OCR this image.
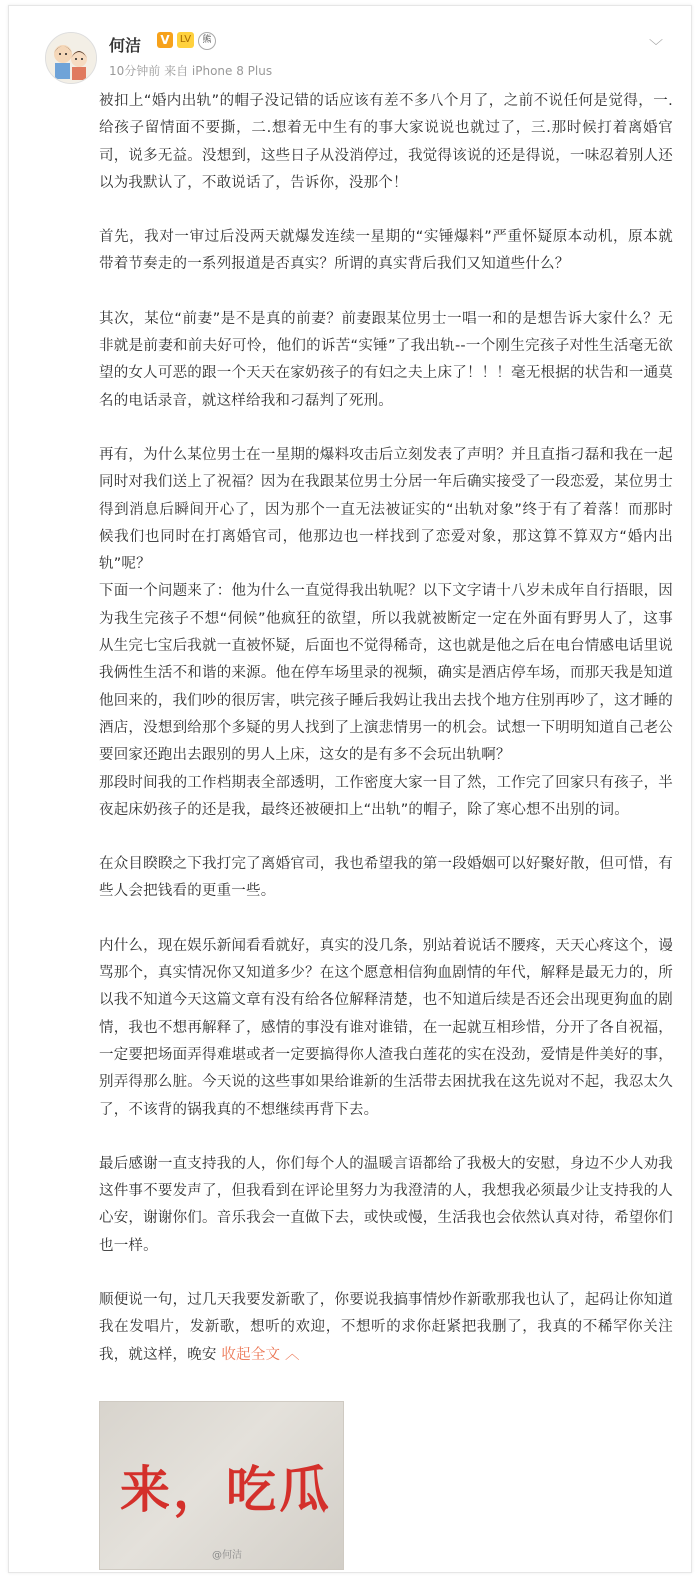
何洁 V	LV	熊
10分钟前 来自 iPhone 8 Plus
﹀

被扣上“婚内出轨”的帽子没记错的话应该有差不多八个月了，之前不说任何是觉得，一.给孩子留情面不要撕，二.想着无中生有的事大家说说也就过了，三.那时候打着离婚官司，说多无益。没想到，这些日子从没消停过，我觉得该说的还是得说，一味忍着别人还以为我默认了，不敢说话了，告诉你，没那个！

首先，我对一审过后没两天就爆发连续一星期的“实锤爆料”严重怀疑原本动机，原本就带着节奏走的一系列报道是否真实？所谓的真实背后我们又知道些什么？

其次，某位“前妻”是不是真的前妻？前妻跟某位男士一唱一和的是想告诉大家什么？无非就是前妻和前夫好可怜，他们的诉苦“实锤”了我出轨--一个刚生完孩子对性生活毫无欲望的女人可恶的跟一个天天在家奶孩子的有妇之夫上床了！！！毫无根据的状告和一通莫名的电话录音，就这样给我和刁磊判了死刑。

再有，为什么某位男士在一星期的爆料攻击后立刻发表了声明？并且直指刁磊和我在一起同时对我们送上了祝福？因为在我跟某位男士分居一年后确实接受了一段恋爱，某位男士得到消息后瞬间开心了，因为那个一直无法被证实的“出轨对象”终于有了着落！而那时候我们也同时在打离婚官司，他那边也一样找到了恋爱对象，那这算不算双方“婚内出轨”呢？

下面一个问题来了：他为什么一直觉得我出轨呢？以下文字请十八岁未成年自行捂眼，因为我生完孩子不想“伺候”他疯狂的欲望，所以我就被断定一定在外面有野男人了，这事从生完七宝后我就一直被怀疑，后面也不觉得稀奇，这也就是他之后在电台情感电话里说我俩性生活不和谐的来源。他在停车场里录的视频，确实是酒店停车场，而那天我是知道他回来的，我们吵的很厉害，哄完孩子睡后我妈让我出去找个地方住别再吵了，这才睡的酒店，没想到给那个多疑的男人找到了上演悲情男一的机会。试想一下明明知道自己老公要回家还跑出去跟别的男人上床，这女的是有多不会玩出轨啊？

那段时间我的工作档期表全部透明，工作密度大家一目了然，工作完了回家只有孩子，半夜起床奶孩子的还是我，最终还被硬扣上“出轨”的帽子，除了寒心想不出别的词。

在众目睽睽之下我打完了离婚官司，我也希望我的第一段婚姻可以好聚好散，但可惜，有些人会把钱看的更重一些。

内什么，现在娱乐新闻看看就好，真实的没几条，别站着说话不腰疼，天天心疼这个，谩骂那个，真实情况你又知道多少？在这个愿意相信狗血剧情的年代，解释是最无力的，所以我不知道今天这篇文章有没有给各位解释清楚，也不知道后续是否还会出现更狗血的剧情，我也不想再解释了，感情的事没有谁对谁错，在一起就互相珍惜，分开了各自祝福，一定要把场面弄得难堪或者一定要搞得你人渣我白莲花的实在没劲，爱情是件美好的事，别弄得那么脏。今天说的这些事如果给谁新的生活带去困扰我在这先说对不起，我忍太久了，不该背的锅我真的不想继续再背下去。

最后感谢一直支持我的人，你们每个人的温暖言语都给了我极大的安慰，身边不少人劝我这件事不要发声了，但我看到在评论里努力为我澄清的人，我想我必须最少让支持我的人心安，谢谢你们。音乐我会一直做下去，或快或慢，生活我也会依然认真对待，希望你们也一样。

顺便说一句，过几天我要发新歌了，你要说我搞事情炒作新歌那我也认了，起码让你知道我在发唱片，发新歌，想听的欢迎，不想听的求你赶紧把我删了，我真的不稀罕你关注我，就这样，晚安 收起全文 ︿

来，吃瓜
@何洁
